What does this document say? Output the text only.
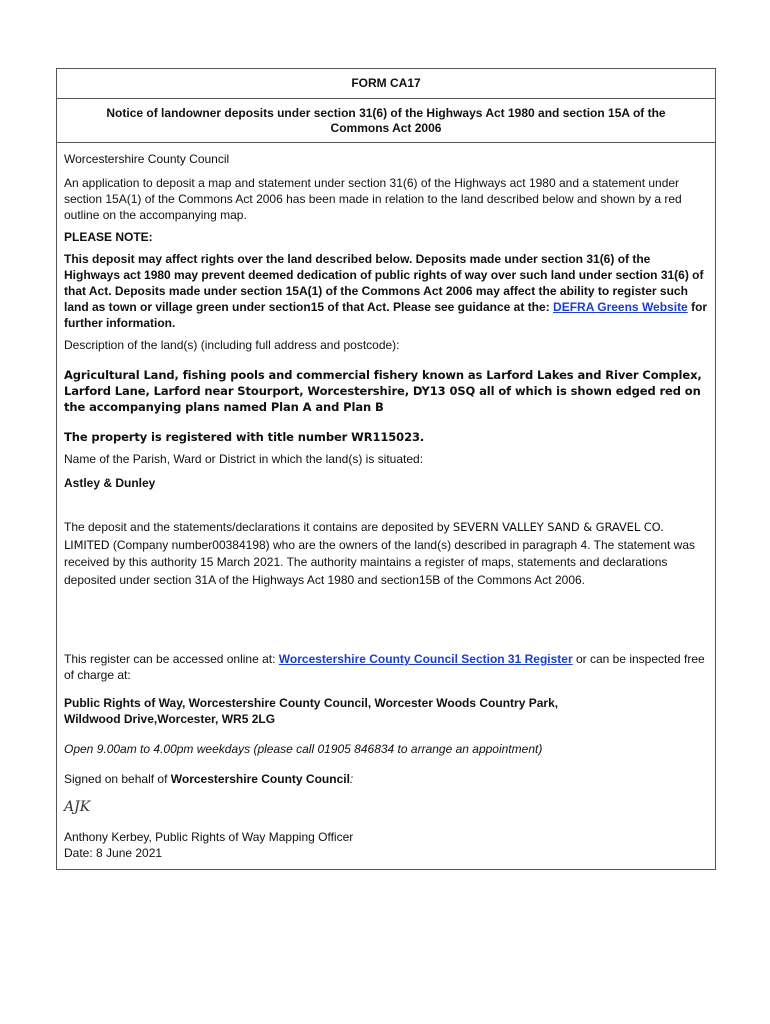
FORM CA17
Notice of landowner deposits under section 31(6) of the Highways Act 1980 and section 15A of the Commons Act 2006

Worcestershire County Council

An application to deposit a map and statement under section 31(6) of the Highways act 1980 and a statement under section 15A(1) of the Commons Act 2006 has been made in relation to the land described below and shown by a red outline on the accompanying map.

PLEASE NOTE:

This deposit may affect rights over the land described below. Deposits made under section 31(6) of the Highways act 1980 may prevent deemed dedication of public rights of way over such land under section 31(6) of that Act. Deposits made under section 15A(1) of the Commons Act 2006 may affect the ability to register such land as town or village green under section15 of that Act. Please see guidance at the: DEFRA Greens Website for further information.

Description of the land(s) (including full address and postcode):

Agricultural Land, fishing pools and commercial fishery known as Larford Lakes and River Complex, Larford Lane, Larford near Stourport, Worcestershire, DY13 0SQ all of which is shown edged red on the accompanying plans named Plan A and Plan B

The property is registered with title number WR115023.

Name of the Parish, Ward or District in which the land(s) is situated:

Astley & Dunley

The deposit and the statements/declarations it contains are deposited by SEVERN VALLEY SAND & GRAVEL CO. LIMITED (Company number00384198) who are the owners of the land(s) described in paragraph 4. The statement was received by this authority 15 March 2021. The authority maintains a register of maps, statements and declarations deposited under section 31A of the Highways Act 1980 and section15B of the Commons Act 2006.

This register can be accessed online at: Worcestershire County Council Section 31 Register or can be inspected free of charge at:

Public Rights of Way, Worcestershire County Council, Worcester Woods Country Park,

Wildwood Drive,Worcester, WR5 2LG

Open 9.00am to 4.00pm weekdays (please call 01905 846834 to arrange an appointment)

Signed on behalf of Worcestershire County Council:

AJK

Anthony Kerbey, Public Rights of Way Mapping Officer

Date: 8 June 2021
